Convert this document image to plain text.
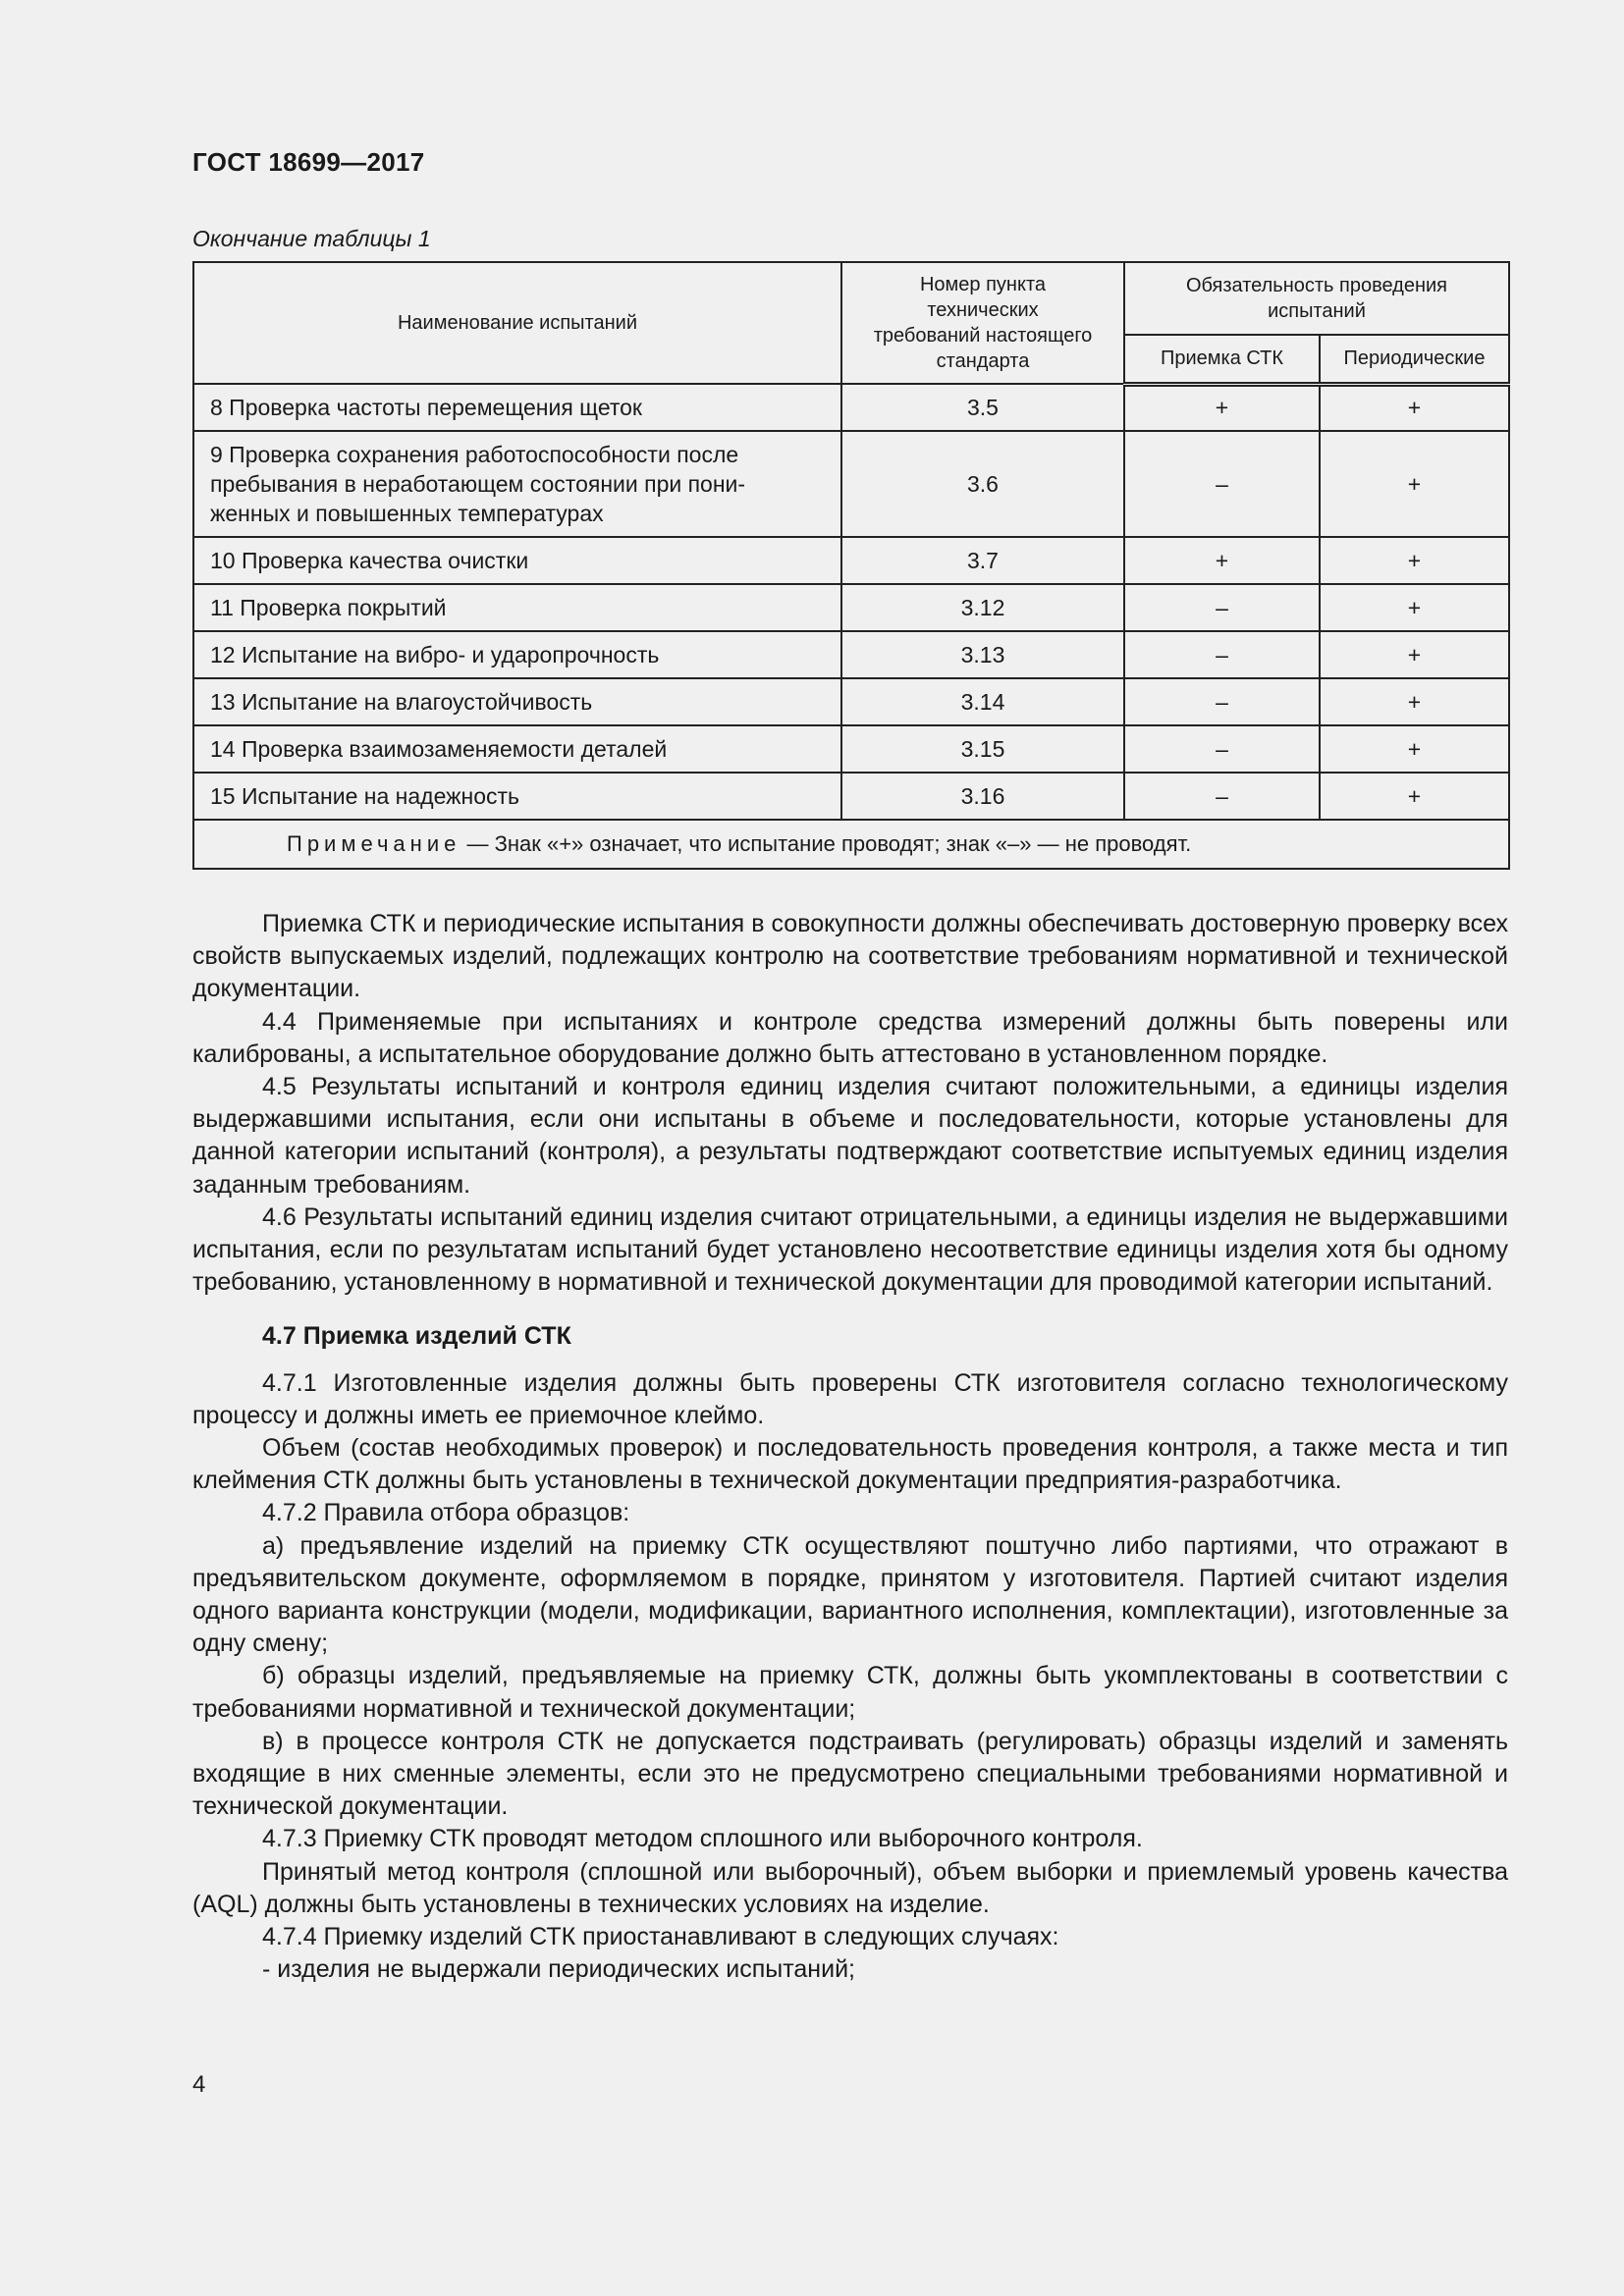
ГОСТ 18699—2017
Окончание таблицы 1
Наименование испытаний	Номер пункта технических требований настоящего стандарта	Обязательность проведения испытаний	
		Приемка СТК	Периодические
8 Проверка частоты перемещения щеток	3.5	+	+
9 Проверка сохранения работоспособности после пребывания в неработающем состоянии при пони-женных и повышенных температурах	3.6	–	+
10 Проверка качества очистки	3.7	+	+
11 Проверка покрытий	3.12	–	+
12 Испытание на вибро- и ударопрочность	3.13	–	+
13 Испытание на влагоустойчивость	3.14	–	+
14 Проверка взаимозаменяемости деталей	3.15	–	+
15 Испытание на надежность	3.16	–	+
Примечание — Знак «+» означает, что испытание проводят; знак «–» — не проводят.			

Приемка СТК и периодические испытания в совокупности должны обеспечивать достоверную проверку всех свойств выпускаемых изделий, подлежащих контролю на соответствие требованиям нормативной и технической документации.

4.4 Применяемые при испытаниях и контроле средства измерений должны быть поверены или калиброваны, а испытательное оборудование должно быть аттестовано в установленном порядке.

4.5 Результаты испытаний и контроля единиц изделия считают положительными, а единицы изделия выдержавшими испытания, если они испытаны в объеме и последовательности, которые установлены для данной категории испытаний (контроля), а результаты подтверждают соответствие испытуемых единиц изделия заданным требованиям.

4.6 Результаты испытаний единиц изделия считают отрицательными, а единицы изделия не выдержавшими испытания, если по результатам испытаний будет установлено несоответствие единицы изделия хотя бы одному требованию, установленному в нормативной и технической документации для проводимой категории испытаний.

4.7 Приемка изделий СТК

4.7.1 Изготовленные изделия должны быть проверены СТК изготовителя согласно технологическому процессу и должны иметь ее приемочное клеймо.

Объем (состав необходимых проверок) и последовательность проведения контроля, а также места и тип клеймения СТК должны быть установлены в технической документации предприятия-разработчика.

4.7.2 Правила отбора образцов:

а) предъявление изделий на приемку СТК осуществляют поштучно либо партиями, что отражают в предъявительском документе, оформляемом в порядке, принятом у изготовителя. Партией считают изделия одного варианта конструкции (модели, модификации, вариантного исполнения, комплектации), изготовленные за одну смену;

б) образцы изделий, предъявляемые на приемку СТК, должны быть укомплектованы в соответствии с требованиями нормативной и технической документации;

в) в процессе контроля СТК не допускается подстраивать (регулировать) образцы изделий и заменять входящие в них сменные элементы, если это не предусмотрено специальными требованиями нормативной и технической документации.

4.7.3 Приемку СТК проводят методом сплошного или выборочного контроля.

Принятый метод контроля (сплошной или выборочный), объем выборки и приемлемый уровень качества (AQL) должны быть установлены в технических условиях на изделие.

4.7.4 Приемку изделий СТК приостанавливают в следующих случаях:

- изделия не выдержали периодических испытаний;

4
